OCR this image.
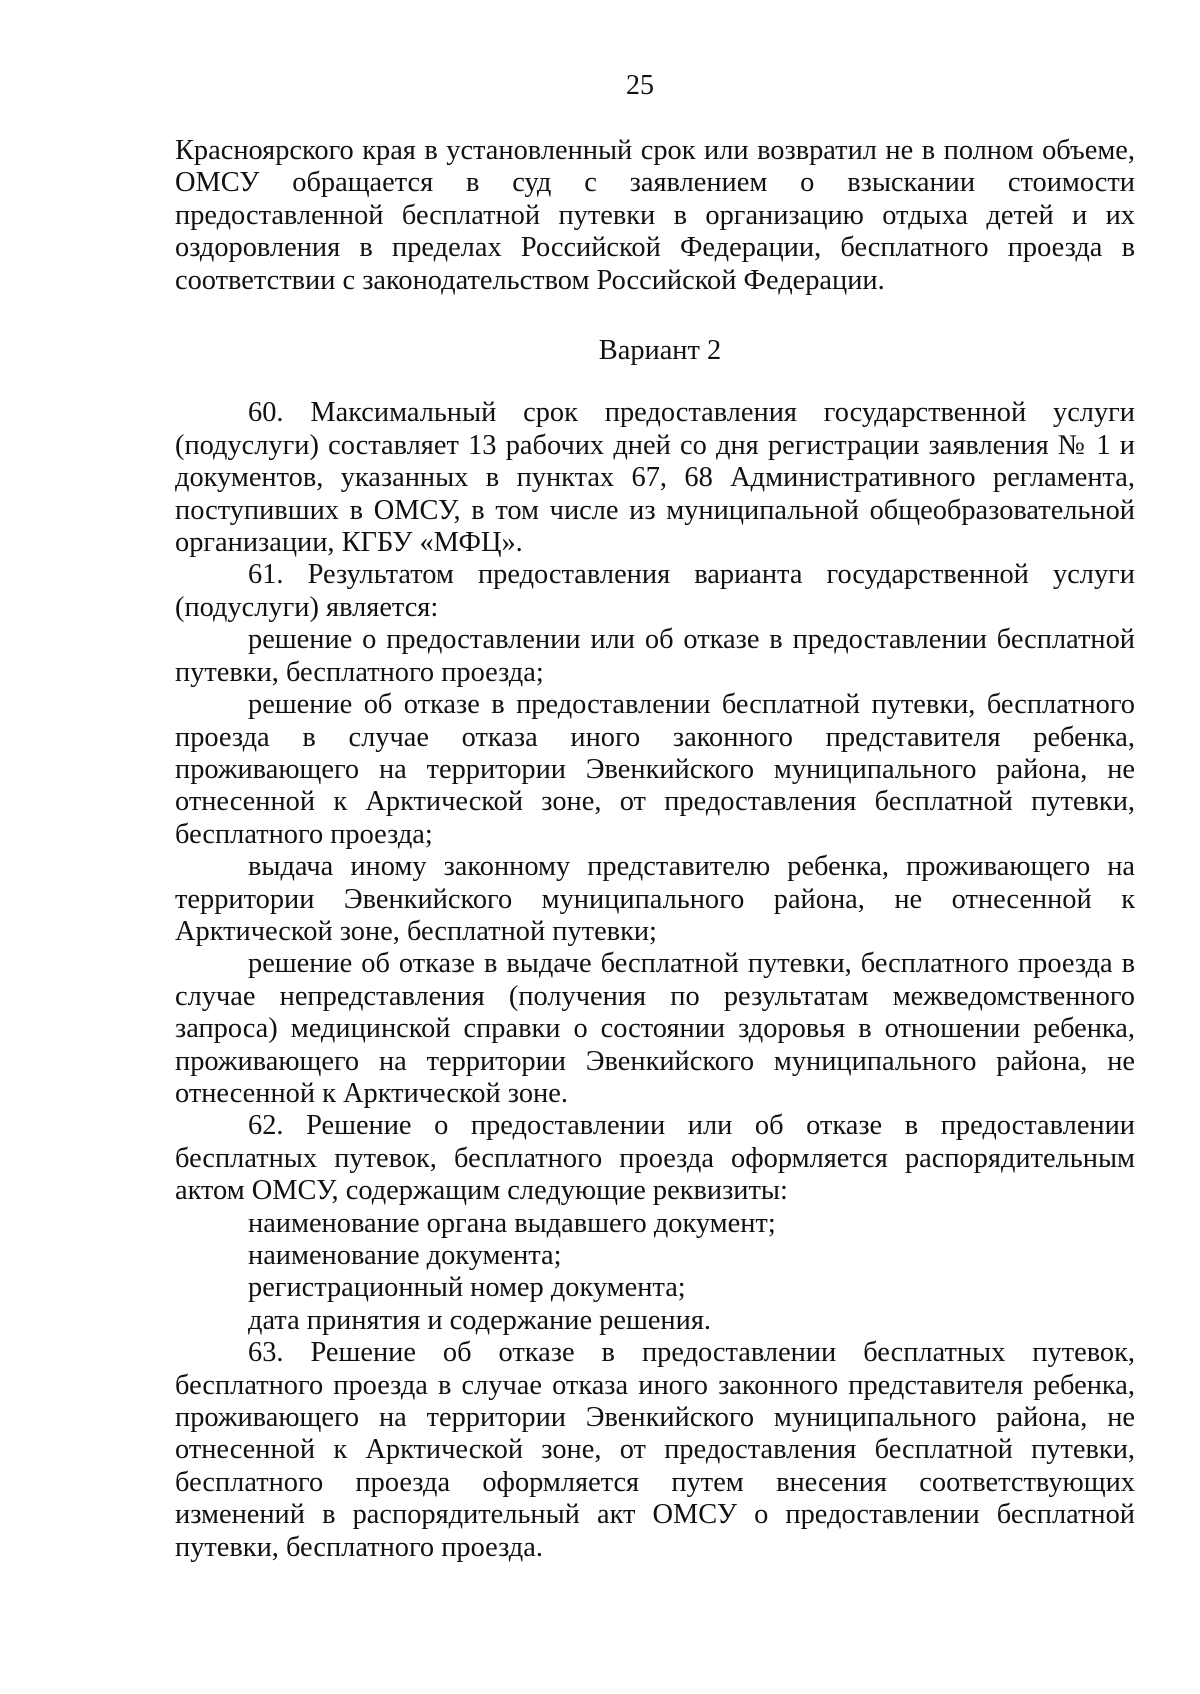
25

Красноярского края в установленный срок или возвратил не в полном объеме, ОМСУ обращается в суд с заявлением о взыскании стоимости предоставленной бесплатной путевки в организацию отдыха детей и их оздоровления в пределах Российской Федерации, бесплатного проезда в соответствии с законодательством Российской Федерации.

Вариант 2

60. Максимальный срок предоставления государственной услуги (подуслуги) составляет 13 рабочих дней со дня регистрации заявления № 1 и документов, указанных в пунктах 67, 68 Административного регламента, поступивших в ОМСУ, в том числе из муниципальной общеобразовательной организации, КГБУ «МФЦ».

61. Результатом предоставления варианта государственной услуги (подуслуги) является:

решение о предоставлении или об отказе в предоставлении бесплатной путевки, бесплатного проезда;

решение об отказе в предоставлении бесплатной путевки, бесплатного проезда в случае отказа иного законного представителя ребенка, проживающего на территории Эвенкийского муниципального района, не отнесенной к Арктической зоне, от предоставления бесплатной путевки, бесплатного проезда;

выдача иному законному представителю ребенка, проживающего на территории Эвенкийского муниципального района, не отнесенной к Арктической зоне, бесплатной путевки;

решение об отказе в выдаче бесплатной путевки, бесплатного проезда в случае непредставления (получения по результатам межведомственного запроса) медицинской справки о состоянии здоровья в отношении ребенка, проживающего на территории Эвенкийского муниципального района, не отнесенной к Арктической зоне.

62. Решение о предоставлении или об отказе в предоставлении бесплатных путевок, бесплатного проезда оформляется распорядительным актом ОМСУ, содержащим следующие реквизиты:

наименование органа выдавшего документ;

наименование документа;

регистрационный номер документа;

дата принятия и содержание решения.

63. Решение об отказе в предоставлении бесплатных путевок, бесплатного проезда в случае отказа иного законного представителя ребенка, проживающего на территории Эвенкийского муниципального района, не отнесенной к Арктической зоне, от предоставления бесплатной путевки, бесплатного проезда оформляется путем внесения соответствующих изменений в распорядительный акт ОМСУ о предоставлении бесплатной путевки, бесплатного проезда.
